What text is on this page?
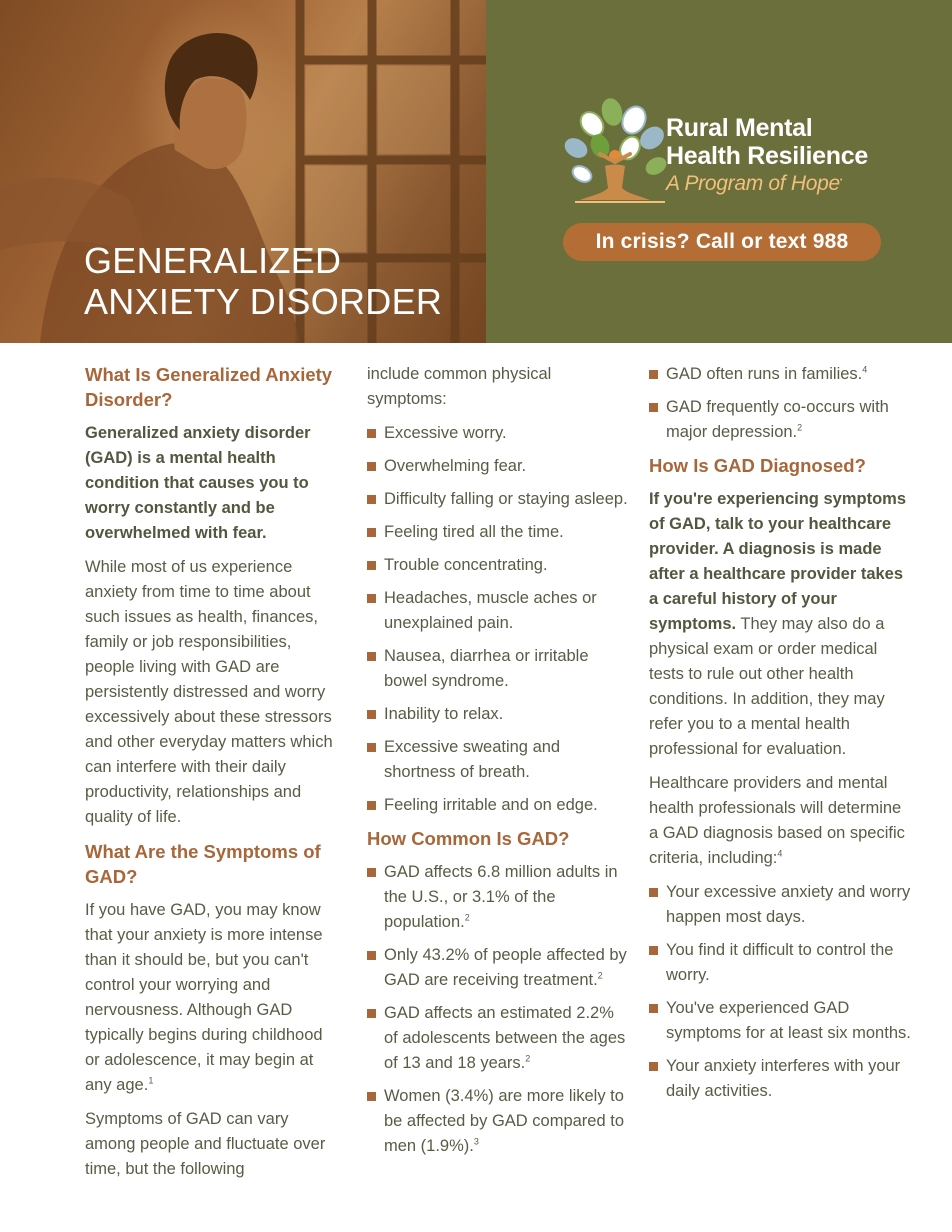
GENERALIZED
ANXIETY DISORDER
Rural Mental
Health Resilience
A Program of Hope•
In crisis? Call or text 988
What Is Generalized Anxiety Disorder?

Generalized anxiety disorder (GAD) is a mental health condition that causes you to worry constantly and be overwhelmed with fear.

While most of us experience anxiety from time to time about such issues as health, finances, family or job responsibilities, people living with GAD are persistently distressed and worry excessively about these stressors and other everyday matters which can interfere with their daily productivity, relationships and quality of life.

What Are the Symptoms of GAD?

If you have GAD, you may know that your anxiety is more intense than it should be, but you can't control your worrying and nervousness. Although GAD typically begins during childhood or adolescence, it may begin at any age.$^1$

Symptoms of GAD can vary among people and fluctuate over time, but the following

include common physical symptoms:

Excessive worry.
Overwhelming fear.
Difficulty falling or staying asleep.
Feeling tired all the time.
Trouble concentrating.
Headaches, muscle aches or unexplained pain.
Nausea, diarrhea or irritable bowel syndrome.
Inability to relax.
Excessive sweating and shortness of breath.
Feeling irritable and on edge.
How Common Is GAD?
GAD affects 6.8 million adults in the U.S., or 3.1% of the population.$^2$
Only 43.2% of people affected by GAD are receiving treatment.$^2$
GAD affects an estimated 2.2% of adolescents between the ages of 13 and 18 years.$^2$
Women (3.4%) are more likely to be affected by GAD compared to men (1.9%).$^3$
GAD often runs in families.$^4$
GAD frequently co-occurs with major depression.$^2$
How Is GAD Diagnosed?

If you're experiencing symptoms of GAD, talk to your healthcare provider. A diagnosis is made after a healthcare provider takes a careful history of your symptoms. They may also do a physical exam or order medical tests to rule out other health conditions. In addition, they may refer you to a mental health professional for evaluation.

Healthcare providers and mental health professionals will determine a GAD diagnosis based on specific criteria, including:$^4$

Your excessive anxiety and worry happen most days.
You find it difficult to control the worry.
You've experienced GAD symptoms for at least six months.
Your anxiety interferes with your daily activities.
